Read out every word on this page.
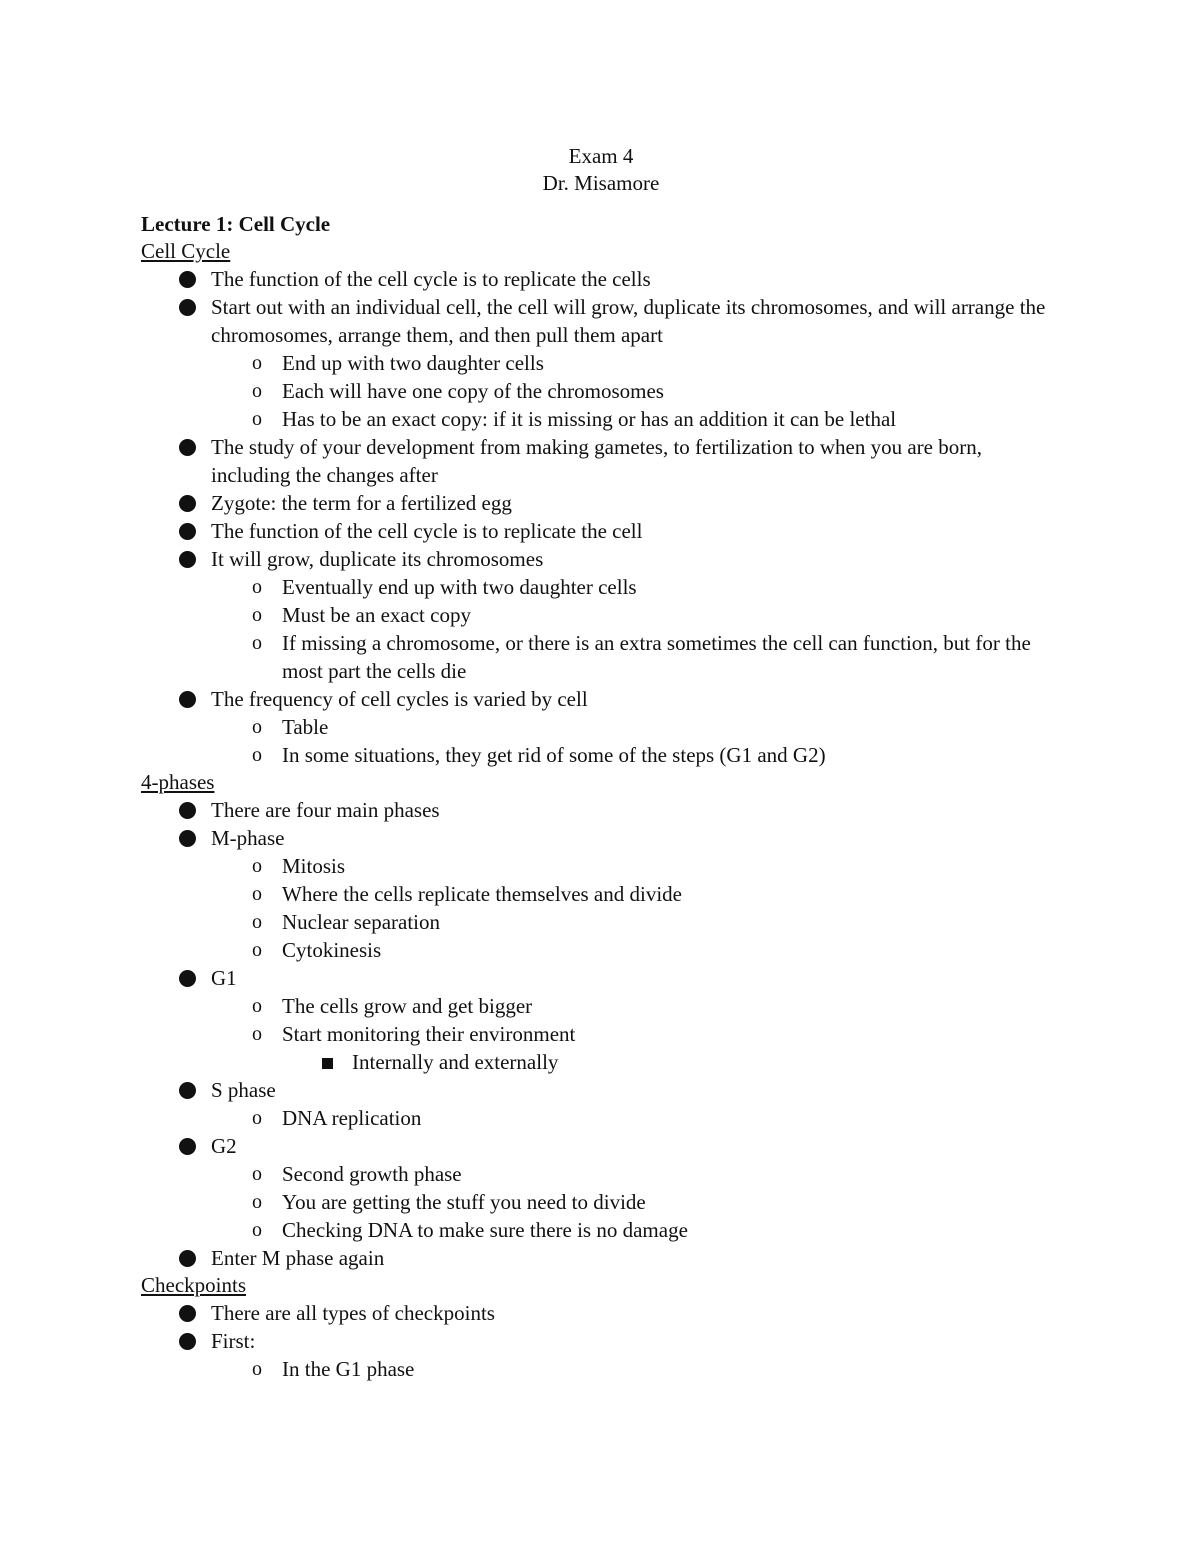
Exam 4
Dr. Misamore
Lecture 1: Cell Cycle
Cell Cycle
The function of the cell cycle is to replicate the cells
Start out with an individual cell, the cell will grow, duplicate its chromosomes, and will arrange the chromosomes, arrange them, and then pull them apart
o End up with two daughter cells
o Each will have one copy of the chromosomes
o Has to be an exact copy: if it is missing or has an addition it can be lethal
The study of your development from making gametes, to fertilization to when you are born, including the changes after
Zygote: the term for a fertilized egg
The function of the cell cycle is to replicate the cell
It will grow, duplicate its chromosomes
o Eventually end up with two daughter cells
o Must be an exact copy
o If missing a chromosome, or there is an extra sometimes the cell can function, but for the most part the cells die
The frequency of cell cycles is varied by cell
o Table
o In some situations, they get rid of some of the steps (G1 and G2)
4-phases
There are four main phases
M-phase
o Mitosis
o Where the cells replicate themselves and divide
o Nuclear separation
o Cytokinesis
G1
o The cells grow and get bigger
o Start monitoring their environment
Internally and externally
S phase
o DNA replication
G2
o Second growth phase
o You are getting the stuff you need to divide
o Checking DNA to make sure there is no damage
Enter M phase again
Checkpoints
There are all types of checkpoints
First:
o In the G1 phase
